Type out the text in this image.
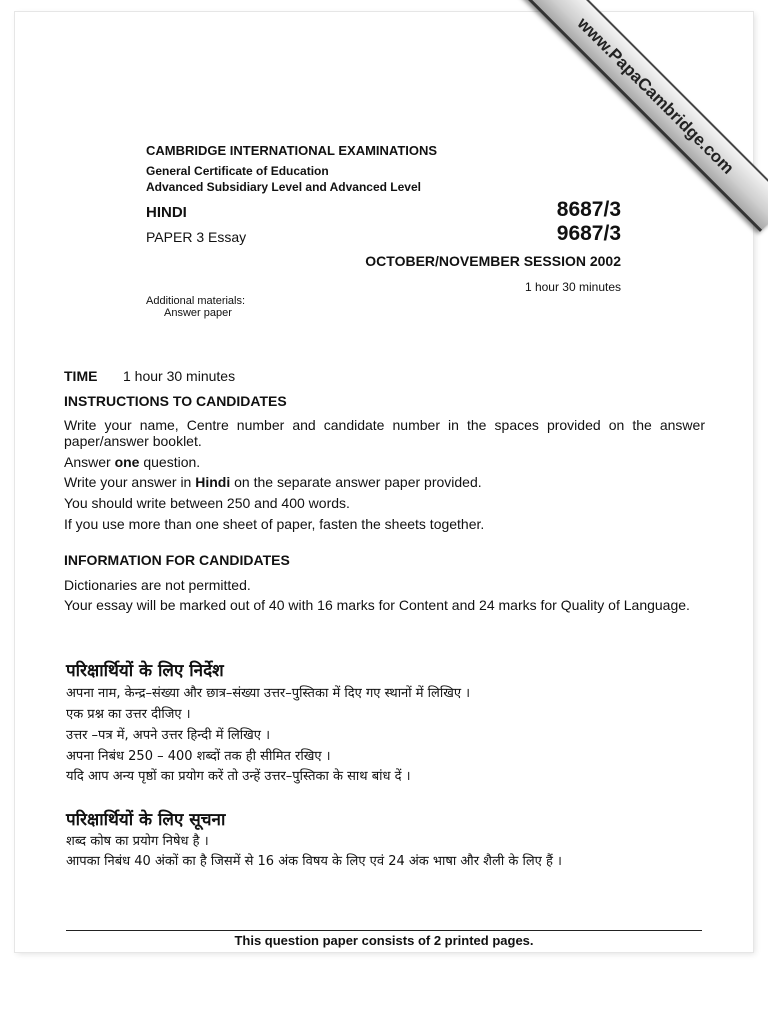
CAMBRIDGE INTERNATIONAL EXAMINATIONS
General Certificate of Education
Advanced Subsidiary Level and Advanced Level
HINDI
PAPER 3 Essay
8687/3
9687/3
OCTOBER/NOVEMBER SESSION 2002
1 hour 30 minutes
Additional materials:
Answer paper
TIME 1 hour 30 minutes
INSTRUCTIONS TO CANDIDATES
Write your name, Centre number and candidate number in the spaces provided on the answer paper/answer booklet.
Answer one question.
Write your answer in Hindi on the separate answer paper provided.
You should write between 250 and 400 words.
If you use more than one sheet of paper, fasten the sheets together.
INFORMATION FOR CANDIDATES
Dictionaries are not permitted.
Your essay will be marked out of 40 with 16 marks for Content and 24 marks for Quality of Language.
परिक्षार्थियों के लिए निर्देश
अपना नाम, केन्द्र–संख्या और छात्र–संख्या उत्तर–पुस्तिका में दिए गए स्थानों में लिखिए ।
एक प्रश्न का उत्तर दीजिए ।
उत्तर –पत्र में, अपने उत्तर हिन्दी में लिखिए ।
अपना निबंध 250 – 400 शब्दों तक ही सीमित रखिए ।
यदि आप अन्य पृष्ठों का प्रयोग करें तो उन्हें उत्तर–पुस्तिका के साथ बांध दें ।
परिक्षार्थियों के लिए सूचना
शब्द कोष का प्रयोग निषेध है ।
आपका निबंध 40 अंकों का है जिसमें से 16 अंक विषय के लिए एवं 24 अंक भाषा और शैली के लिए हैं ।
This question paper consists of 2 printed pages.
www.PapaCambridge.com
